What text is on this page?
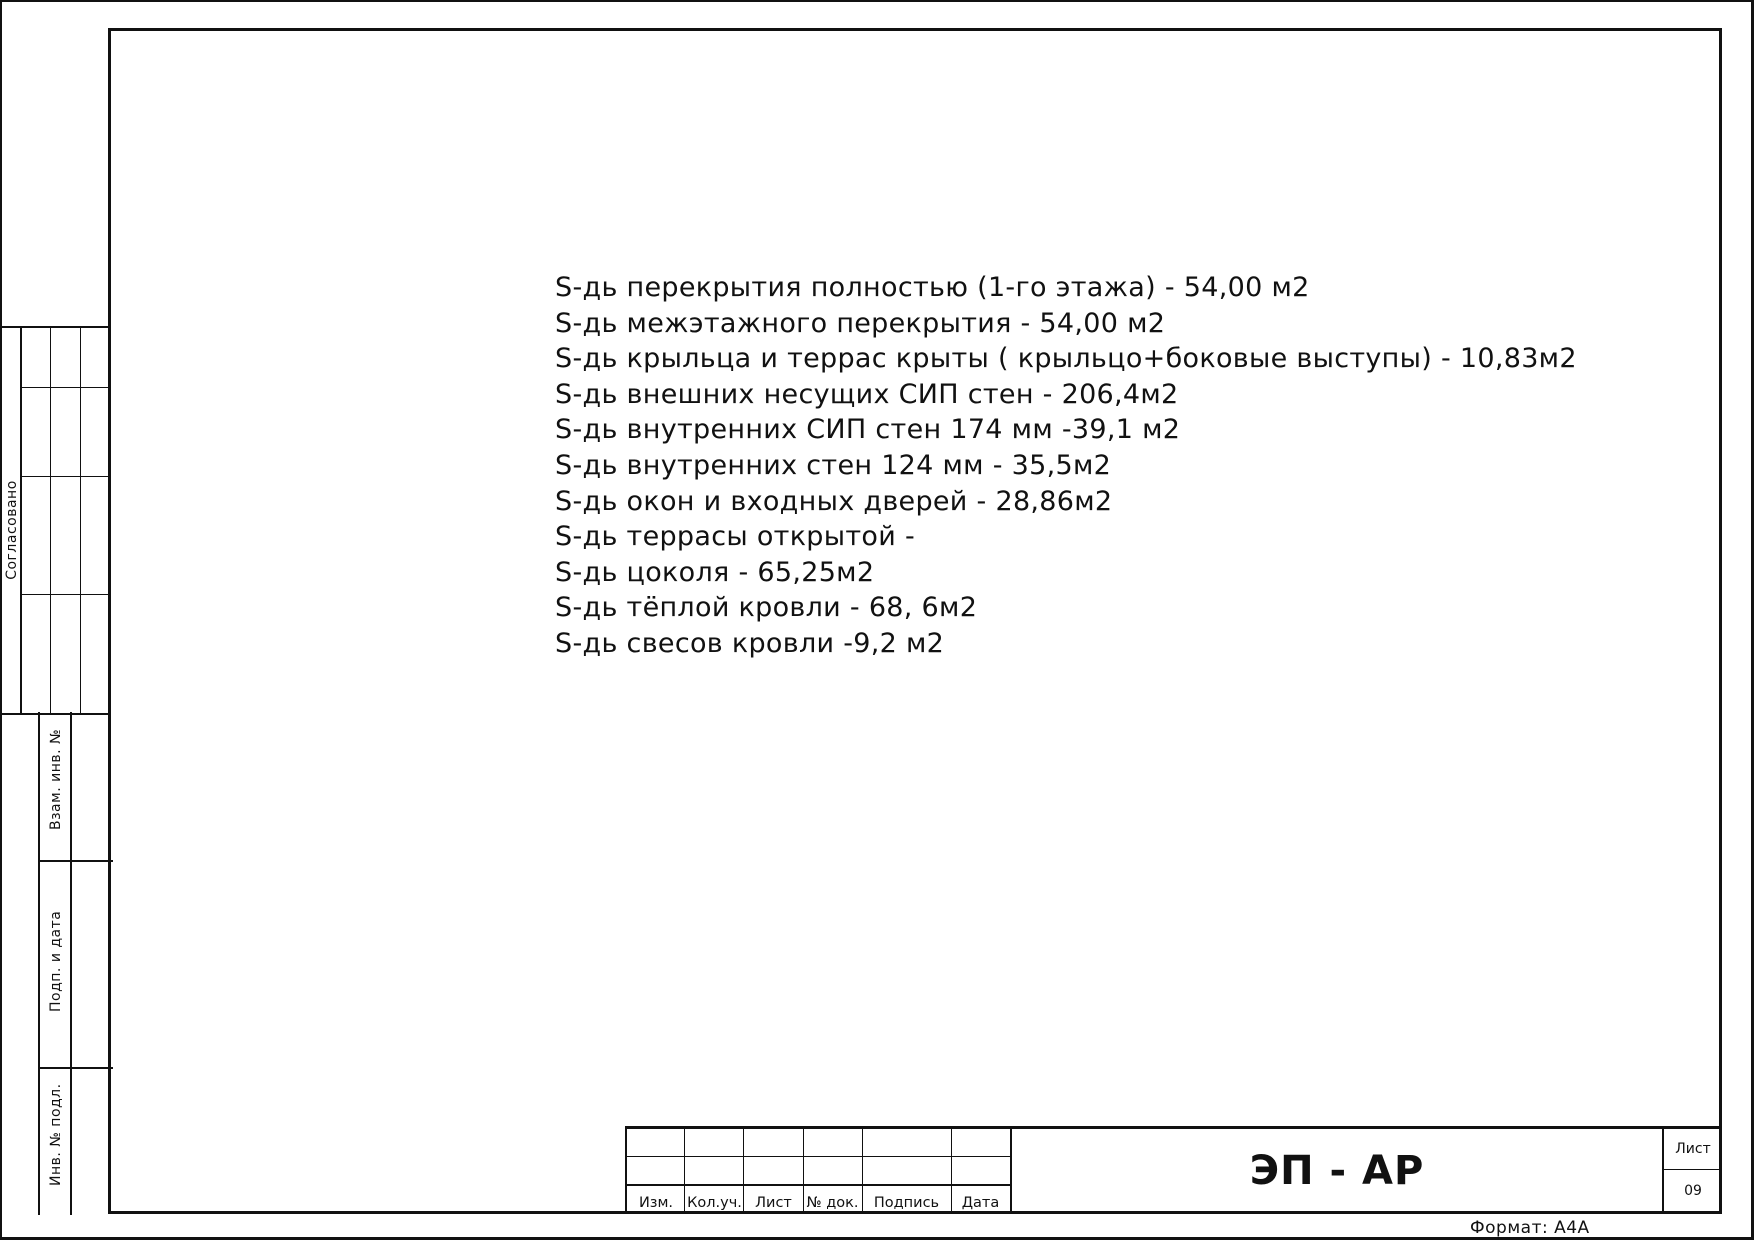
Согласовано
Взам. инв. №
Подп. и дата
Инв. № подл.
S-дь перекрытия полностью (1-го этажа) - 54,00 м2
S-дь межэтажного перекрытия - 54,00 м2
S-дь крыльца и террас крыты ( крыльцо+боковые выступы) - 10,83м2
S-дь внешних несущих СИП стен - 206,4м2
S-дь внутренних СИП стен 174 мм -39,1 м2
S-дь внутренних стен 124 мм - 35,5м2
S-дь окон и входных дверей - 28,86м2
S-дь террасы открытой -
S-дь цоколя - 65,25м2
S-дь тёплой кровли - 68, 6м2
S-дь свесов кровли -9,2 м2
Изм. Кол.уч. Лист	№ док.	Подпись	Дата
ЭП - АР	Лист
09
Формат: А4А
